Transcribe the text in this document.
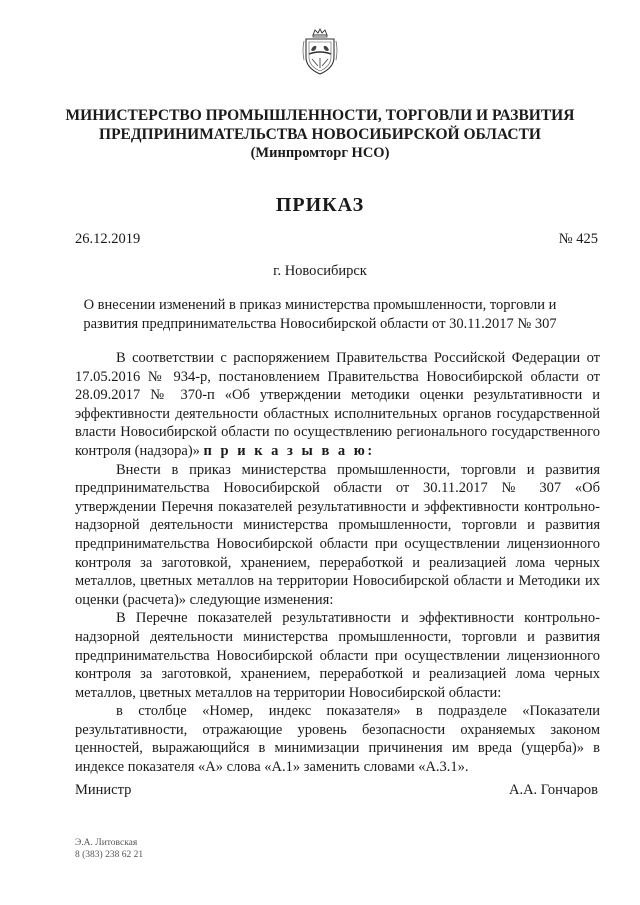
МИНИСТЕРСТВО ПРОМЫШЛЕННОСТИ, ТОРГОВЛИ И РАЗВИТИЯ

ПРЕДПРИНИМАТЕЛЬСТВА НОВОСИБИРСКОЙ ОБЛАСТИ

(Минпромторг НСО)

ПРИКАЗ
26.12.2019	№ 425
г. Новосибирск

О внесении изменений в приказ министерства промышленности, торговли и развития предпринимательства Новосибирской области от 30.11.2017 № 307

В соответствии с распоряжением Правительства Российской Федерации от 17.05.2016 № 934-р, постановлением Правительства Новосибирской области от 28.09.2017 № 370-п «Об утверждении методики оценки результативности и эффективности деятельности областных исполнительных органов государственной власти Новосибирской области по осуществлению регионального государственного контроля (надзора)» п р и к а з ы в а ю:

Внести в приказ министерства промышленности, торговли и развития предпринимательства Новосибирской области от 30.11.2017 № 307 «Об утверждении Перечня показателей результативности и эффективности контрольно-надзорной деятельности министерства промышленности, торговли и развития предпринимательства Новосибирской области при осуществлении лицензионного контроля за заготовкой, хранением, переработкой и реализацией лома черных металлов, цветных металлов на территории Новосибирской области и Методики их оценки (расчета)» следующие изменения:

В Перечне показателей результативности и эффективности контрольно-надзорной деятельности министерства промышленности, торговли и развития предпринимательства Новосибирской области при осуществлении лицензионного контроля за заготовкой, хранением, переработкой и реализацией лома черных металлов, цветных металлов на территории Новосибирской области:

в столбце «Номер, индекс показателя» в подразделе «Показатели результативности, отражающие уровень безопасности охраняемых законом ценностей, выражающийся в минимизации причинения им вреда (ущерба)» в индексе показателя «А» слова «А.1» заменить словами «А.3.1».

Министр	А.А. Гончаров
Э.А. Литовская
8 (383) 238 62 21
